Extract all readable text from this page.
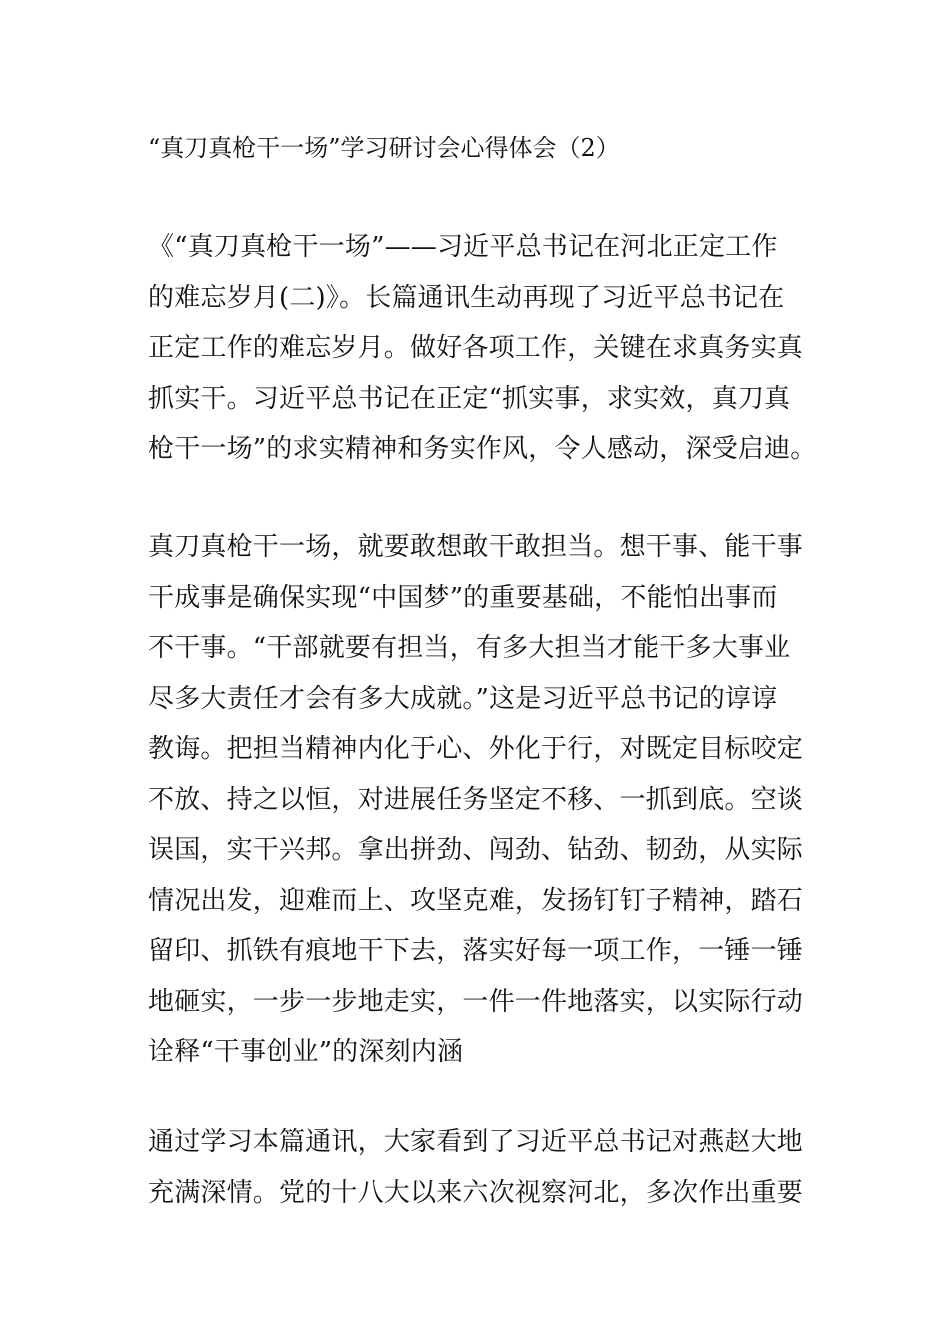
“真刀真枪干一场”学习研讨会心得体会（2）
《“真刀真枪干一场”——习近平总书记在河北正定工作
的难忘岁月(二)》。长篇通讯生动再现了习近平总书记在
正定工作的难忘岁月。做好各项工作，关键在求真务实真
抓实干。习近平总书记在正定“抓实事，求实效，真刀真
枪干一场”的求实精神和务实作风，令人感动，深受启迪。
真刀真枪干一场，就要敢想敢干敢担当。想干事、能干事
干成事是确保实现“中国梦”的重要基础，不能怕出事而
不干事。“干部就要有担当，有多大担当才能干多大事业
尽多大责任才会有多大成就。”这是习近平总书记的谆谆
教诲。把担当精神内化于心、外化于行，对既定目标咬定
不放、持之以恒，对进展任务坚定不移、一抓到底。空谈
误国，实干兴邦。拿出拼劲、闯劲、钻劲、韧劲，从实际
情况出发，迎难而上、攻坚克难，发扬钉钉子精神，踏石
留印、抓铁有痕地干下去，落实好每一项工作，一锤一锤
地砸实，一步一步地走实，一件一件地落实，以实际行动
诠释“干事创业”的深刻内涵
通过学习本篇通讯，大家看到了习近平总书记对燕赵大地
充满深情。党的十八大以来六次视察河北，多次作出重要
